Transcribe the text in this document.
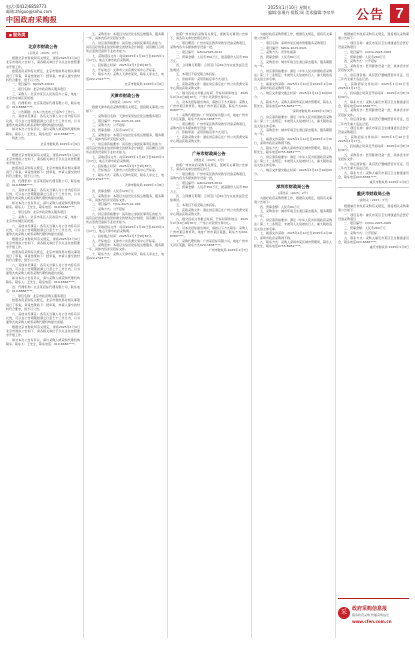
电话:(0412)6858773
邮箱:zhiguo@sohu.com
中国政府采购报
2025年1月10日 星期五
编辑:张瑞丹 排版:周 美术编辑:李泉华 公告 7
■ 服务类
北京市财政公告
(京财采〔2025〕9号)
根据北京市财政局有关规定，现将2025年1月9日北京市财政公告如下，请各相关单位予以关注并按照要求开展工作。
按照政府采购有关规定，北京市财政局对相关事项进行了审查，审查结果如下：经审查，申请人提交的材料符合要求，现予以公告。
一、项目编号：BJ2025-00012
二、项目名称：北京市政府购买服务项目
三、采购人：北京市某区人民政府办公室，地址：北京市东城区某街道。
四、代理机构：北京某招标代理有限公司，联系电话：010-8888****。
五、公告期限：自本公告发布之日起5个工作日。
六、其他补充事宜：各有关当事人对公告内容有异议的，可以在公告期限届满之日起七个工作日内，以书面形式向采购人或者采购代理机构提出质疑。
如对本次公告有异议，请与采购人或采购代理机构联系。联系人：王先生，联系电话：010-6666****。
特此公告。
北京市财政局 2025年1月9日
根据北京市财政局有关规定，现将2025年1月9日北京市财政公告如下，请各相关单位予以关注并按照要求开展工作。
按照政府采购有关规定，北京市财政局对相关事项进行了审查，审查结果如下：经审查，申请人提交的材料符合要求，现予以公告。
四、代理机构：北京某招标代理有限公司，联系电话：010-8888****。
六、其他补充事宜：各有关当事人对公告内容有异议的，可以在公告期限届满之日起七个工作日内，以书面形式向采购人或者采购代理机构提出质疑。
如对本次公告有异议，请与采购人或采购代理机构联系。联系人：王先生，联系电话：010-6666****。
二、项目名称：北京市政府购买服务项目
三、采购人：北京市某区人民政府办公室，地址：北京市东城区某街道。
六、其他补充事宜：各有关当事人对公告内容有异议的，可以在公告期限届满之日起七个工作日内，以书面形式向采购人或者采购代理机构提出质疑。
根据北京市财政局有关规定，现将2025年1月9日北京市财政公告如下，请各相关单位予以关注并按照要求开展工作。
按照政府采购有关规定，北京市财政局对相关事项进行了审查，审查结果如下：经审查，申请人提交的材料符合要求，现予以公告。
六、其他补充事宜：各有关当事人对公告内容有异议的，可以在公告期限届满之日起七个工作日内，以书面形式向采购人或者采购代理机构提出质疑。
如对本次公告有异议，请与采购人或采购代理机构联系。联系人：王先生，联系电话：010-6666****。
四、代理机构：北京某招标代理有限公司，联系电话：010-8888****。
二、项目名称：北京市政府购买服务项目
按照政府采购有关规定，北京市财政局对相关事项进行了审查，审查结果如下：经审查，申请人提交的材料符合要求，现予以公告。
六、其他补充事宜：各有关当事人对公告内容有异议的，可以在公告期限届满之日起七个工作日内，以书面形式向采购人或者采购代理机构提出质疑。
根据北京市财政局有关规定，现将2025年1月9日北京市财政公告如下，请各相关单位予以关注并按照要求开展工作。
如对本次公告有异议，请与采购人或采购代理机构联系。联系人：王先生，联系电话：010-6666****。
五、采购需求：本项目为信息化系统运维服务，服务期一年，具体内容详见招标文件。
六、供应商资格要求：具有独立承担民事责任的能力；具有良好的商业信誉和健全的财务会计制度；具有履行合同所必需的设备和专业技术能力。
七、获取招标文件：时间2025年1月10日至2025年1月17日，地点天津市政府采购网。
八、投标截止时间：2025年2月7日9时30分。
九、开标地点：天津市公共资源交易中心开标室。
十、联系方式：采购人天津市某局，联系人李女士，电话022-2323****。
北京市财政局 2025年1月9日
天津市财政公告
(津财采〔2025〕3号)
根据天津市政府采购管理有关规定，现将相关事项公告如下：
一、采购项目名称：天津市某局信息化运维服务项目
二、项目编号：TJCG-2025-01-003
三、采购方式：公开招标
四、预算金额：人民币120万元
五、采购需求：本项目为信息化系统运维服务，服务期一年，具体内容详见招标文件。
六、供应商资格要求：具有独立承担民事责任的能力；具有良好的商业信誉和健全的财务会计制度；具有履行合同所必需的设备和专业技术能力。
七、获取招标文件：时间2025年1月10日至2025年1月17日，地点天津市政府采购网。
八、投标截止时间：2025年2月7日9时30分。
九、开标地点：天津市公共资源交易中心开标室。
十、联系方式：采购人天津市某局，联系人李女士，电话022-2323****。
天津市财政局 2025年1月8日
四、预算金额：人民币120万元
五、采购需求：本项目为信息化系统运维服务，服务期一年，具体内容详见招标文件。
二、项目编号：TJCG-2025-01-003
三、采购方式：公开招标
六、供应商资格要求：具有独立承担民事责任的能力；具有良好的商业信誉和健全的财务会计制度；具有履行合同所必需的设备和专业技术能力。
七、获取招标文件：时间2025年1月10日至2025年1月17日，地点天津市政府采购网。
八、投标截止时间：2025年2月7日9时30分。
九、开标地点：天津市公共资源交易中心开标室。
五、采购需求：本项目为信息化系统运维服务，服务期一年，具体内容详见招标文件。
十、联系方式：采购人天津市某局，联系人李女士，电话022-2323****。
按照广州市政府采购有关规定，现就有关事项公告如下，请各有关单位按规定执行。
一、项目概况：广州市某区教育局教学设备采购项目，采购内容为多媒体教学设备一批。
二、项目编号：GZCG2025-0012
三、预算金额：人民币350万元，最高限价人民币350万元。
四、合同履行期限：合同签订后60日内完成供货及安装调试。
五、本项目不接受联合体投标。
六、资格审查：采用资格后审方式进行。
七、获取采购文件：潜在供应商应在广州公共资源交易中心网站获取采购文件。
八、提交投标文件截止时间、开标时间和地点：2025年2月10日9时30分，广州公共资源交易中心。
九、对本次招标提出询问，请按以下方式联系：采购人广州市某区教育局，地址广州市某区某路，联系方式020-8383****。
十、采购代理机构：广州某招标有限公司，地址广州市天河区某路，联系方式020-3838****。
一、项目概况：广州市某区教育局教学设备采购项目，采购内容为多媒体教学设备一批。
六、资格审查：采用资格后审方式进行。
七、获取采购文件：潜在供应商应在广州公共资源交易中心网站获取采购文件。
广州市财政局公告
(穗财采〔2025〕1号)
按照广州市政府采购有关规定，现就有关事项公告如下，请各有关单位按规定执行。
一、项目概况：广州市某区教育局教学设备采购项目，采购内容为多媒体教学设备一批。
二、项目编号：GZCG2025-0012
三、预算金额：人民币350万元，最高限价人民币350万元。
四、合同履行期限：合同签订后60日内完成供货及安装调试。
五、本项目不接受联合体投标。
七、获取采购文件：潜在供应商应在广州公共资源交易中心网站获取采购文件。
八、提交投标文件截止时间、开标时间和地点：2025年2月10日9时30分，广州公共资源交易中心。
九、对本次招标提出询问，请按以下方式联系：采购人广州市某区教育局，地址广州市某区某路，联系方式020-8383****。
十、采购代理机构：广州某招标有限公司，地址广州市天河区某路，联系方式020-3838****。
广州市财政局 2025年1月7日
为做好政府采购管理工作，根据有关规定，现将有关事项公告如下：
一、项目名称：深圳市某区城市管理服务采购项目
二、项目编号：SZCG-2025-0021
三、采购方式：竞争性磋商
四、预算金额：人民币80万元
五、采购需求：城市环境卫生清扫保洁服务，服务期限为一年。
六、供应商资格要求：满足《中华人民共和国政府采购法》第二十二条规定；未被列入失信被执行人、重大税收违法失信主体名单。
七、磋商文件获取：2025年1月10日至2025年1月16日，深圳市政府采购网下载。
八、响应文件提交截止时间：2025年1月21日10时00分。
九、联系方式：采购人深圳市某区城市管理局，联系人陈先生，联系电话0755-8282****。
深圳市财政局 2025年1月8日
六、供应商资格要求：满足《中华人民共和国政府采购法》第二十二条规定；未被列入失信被执行人、重大税收违法失信主体名单。
五、采购需求：城市环境卫生清扫保洁服务，服务期限为一年。
七、磋商文件获取：2025年1月10日至2025年1月16日，深圳市政府采购网下载。
九、联系方式：采购人深圳市某区城市管理局，联系人陈先生，联系电话0755-8282****。
六、供应商资格要求：满足《中华人民共和国政府采购法》第二十二条规定；未被列入失信被执行人、重大税收违法失信主体名单。
八、响应文件提交截止时间：2025年1月21日10时00分。
深圳市财政局公告
(深财采〔2025〕2号)
为做好政府采购管理工作，根据有关规定，现将有关事项公告如下：
四、预算金额：人民币80万元
五、采购需求：城市环境卫生清扫保洁服务，服务期限为一年。
六、供应商资格要求：满足《中华人民共和国政府采购法》第二十二条规定；未被列入失信被执行人、重大税收违法失信主体名单。
七、磋商文件获取：2025年1月10日至2025年1月16日，深圳市政府采购网下载。
九、联系方式：采购人深圳市某区城市管理局，联系人陈先生，联系电话0755-8282****。
根据重庆市政府采购有关规定，现将相关采购事项公告如下：
一、项目名称：重庆市某区卫生健康委员会医疗设备采购项目
二、项目编号：CQCG-2025-0005
三、预算金额：人民币260万元
四、采购方式：公开招标
五、采购需求：医用影像设备一批，具体需求详见招标文件。
六、供应商资格：具有医疗器械经营许可证，近三年内无重大违法记录。
七、获取招标文件时间：2025年1月10日至2025年1月17日。
八、投标截止时间及开标时间：2025年2月8日9时30分。
九、联系方式：采购人重庆市某区卫生健康委员会，联系电话023-6565****。
五、采购需求：医用影像设备一批，具体需求详见招标文件。
六、供应商资格：具有医疗器械经营许可证，近三年内无重大违法记录。
一、项目名称：重庆市某区卫生健康委员会医疗设备采购项目
七、获取招标文件时间：2025年1月10日至2025年1月17日。
八、投标截止时间及开标时间：2025年2月8日9时30分。
五、采购需求：医用影像设备一批，具体需求详见招标文件。
六、供应商资格：具有医疗器械经营许可证，近三年内无重大违法记录。
九、联系方式：采购人重庆市某区卫生健康委员会，联系电话023-6565****。
重庆市财政局 2025年1月9日
重庆市财政局公告
(渝财采〔2025〕5号)
根据重庆市政府采购有关规定，现将相关采购事项公告如下：
一、项目名称：重庆市某区卫生健康委员会医疗设备采购项目
二、项目编号：CQCG-2025-0005
三、预算金额：人民币260万元
四、采购方式：公开招标
九、联系方式：采购人重庆市某区卫生健康委员会，联系电话023-6565****。
重庆市财政局 2025年1月9日
采	政府采购信息报
服务政府采购 传播采购信息
www.cfen.com.cn
